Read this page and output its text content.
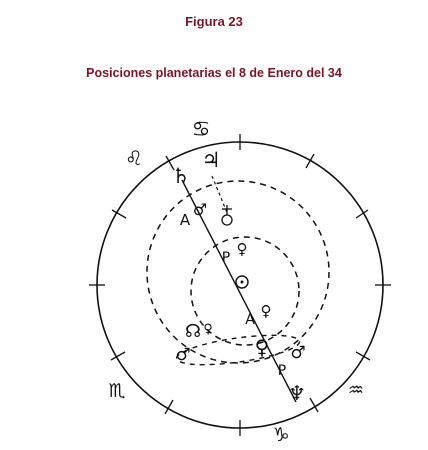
Figura 23
Posiciones planetarias el 8 de Enero del 34
♋
♌
♏
♑
♒
♄
♃
A
♂
P ♀
A ♀
♀
☊ ♀
♂	♂
P
♆
